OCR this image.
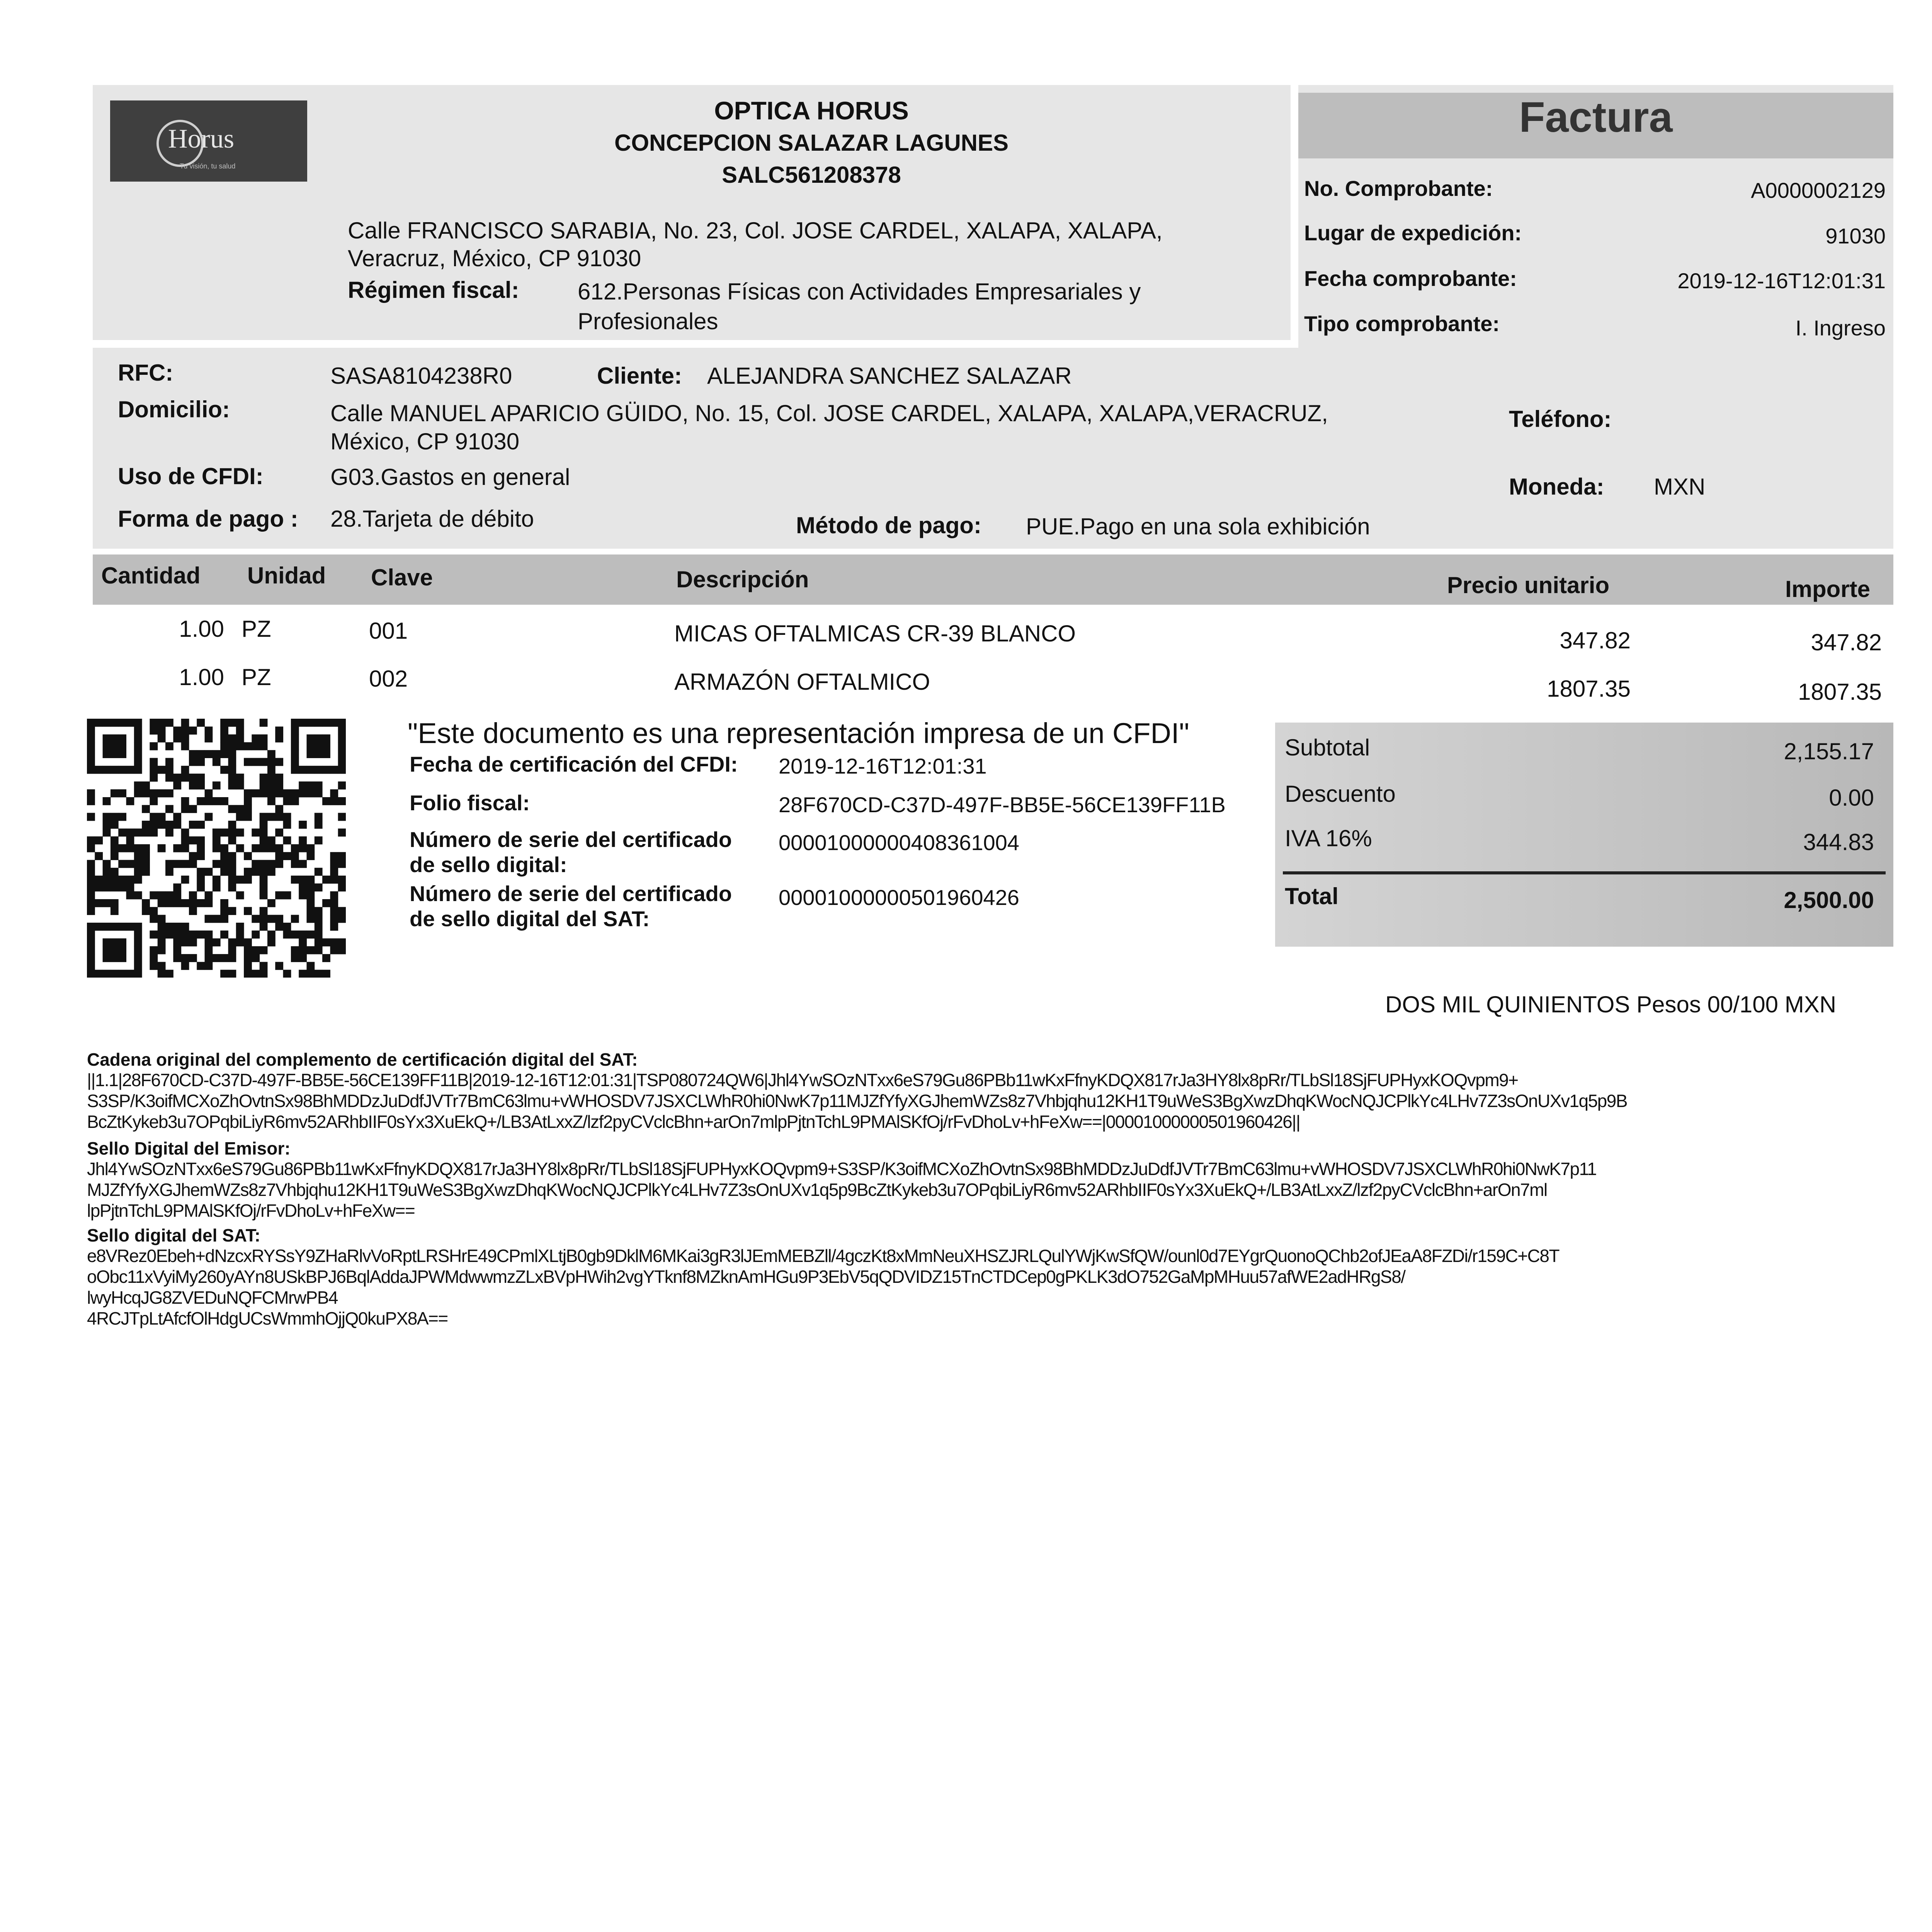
Horus
Tu visión, tu salud
OPTICA HORUS
CONCEPCION SALAZAR LAGUNES
SALC561208378
Calle FRANCISCO SARABIA, No. 23, Col. JOSE CARDEL, XALAPA, XALAPA,
Veracruz, México, CP 91030
Régimen fiscal:	612.Personas Físicas con Actividades Empresariales y
Profesionales
Factura
No. Comprobante:	A0000002129
Lugar de expedición:	91030
Fecha comprobante:	2019-12-16T12:01:31
Tipo comprobante:	I. Ingreso
RFC:	SASA8104238R0	Cliente: ALEJANDRA SANCHEZ SALAZAR
Domicilio:	Calle MANUEL APARICIO GÜIDO, No. 15, Col. JOSE CARDEL, XALAPA, XALAPA,VERACRUZ,
México, CP 91030
Teléfono:
Uso de CFDI:	G03.Gastos en general	Moneda: MXN
Forma de pago : 28.Tarjeta de débito	Método de pago: PUE.Pago en una sola exhibición
Cantidad Unidad Clave	Descripción	Precio unitario	Importe
1.00 PZ	001	MICAS OFTALMICAS CR-39 BLANCO	347.82	347.82
1.00 PZ	002	ARMAZÓN OFTALMICO	1807.35	1807.35
"Este documento es una representación impresa de un CFDI"
Fecha de certificación del CFDI: 2019-12-16T12:01:31
Folio fiscal:	28F670CD-C37D-497F-BB5E-56CE139FF11B
Número de serie del certificado
de sello digital:
00001000000408361004
Número de serie del certificado
de sello digital del SAT:
00001000000501960426
Subtotal	2,155.17
Descuento	0.00
IVA 16%	344.83
Total	2,500.00
DOS MIL QUINIENTOS Pesos 00/100 MXN
Cadena original del complemento de certificación digital del SAT:
||1.1|28F670CD-C37D-497F-BB5E-56CE139FF11B|2019-12-16T12:01:31|TSP080724QW6|Jhl4YwSOzNTxx6eS79Gu86PBb11wKxFfnyKDQX817rJa3HY8lx8pRr/TLbSl18SjFUPHyxKOQvpm9+
S3SP/K3oifMCXoZhOvtnSx98BhMDDzJuDdfJVTr7BmC63lmu+vWHOSDV7JSXCLWhR0hi0NwK7p11MJZfYfyXGJhemWZs8z7Vhbjqhu12KH1T9uWeS3BgXwzDhqKWocNQJCPlkYc4LHv7Z3sOnUXv1q5p9B
BcZtKykeb3u7OPqbiLiyR6mv52ARhbIIF0sYx3XuEkQ+/LB3AtLxxZ/lzf2pyCVclcBhn+arOn7mlpPjtnTchL9PMAlSKfOj/rFvDhoLv+hFeXw==|00001000000501960426||
Sello Digital del Emisor:
Jhl4YwSOzNTxx6eS79Gu86PBb11wKxFfnyKDQX817rJa3HY8lx8pRr/TLbSl18SjFUPHyxKOQvpm9+S3SP/K3oifMCXoZhOvtnSx98BhMDDzJuDdfJVTr7BmC63lmu+vWHOSDV7JSXCLWhR0hi0NwK7p11
MJZfYfyXGJhemWZs8z7Vhbjqhu12KH1T9uWeS3BgXwzDhqKWocNQJCPlkYc4LHv7Z3sOnUXv1q5p9BcZtKykeb3u7OPqbiLiyR6mv52ARhbIIF0sYx3XuEkQ+/LB3AtLxxZ/lzf2pyCVclcBhn+arOn7ml
lpPjtnTchL9PMAlSKfOj/rFvDhoLv+hFeXw==
Sello digital del SAT:
e8VRez0Ebeh+dNzcxRYSsY9ZHaRlvVoRptLRSHrE49CPmlXLtjB0gb9DklM6MKai3gR3lJEmMEBZll/4gczKt8xMmNeuXHSZJRLQulYWjKwSfQW/ounl0d7EYgrQuonoQChb2ofJEaA8FZDi/r159C+C8T
oObc11xVyiMy260yAYn8USkBPJ6BqlAddaJPWMdwwmzZLxBVpHWih2vgYTknf8MZknAmHGu9P3EbV5qQDVIDZ15TnCTDCep0gPKLK3dO752GaMpMHuu57afWE2adHRgS8/
lwyHcqJG8ZVEDuNQFCMrwPB4
4RCJTpLtAfcfOlHdgUCsWmmhOjjQ0kuPX8A==
